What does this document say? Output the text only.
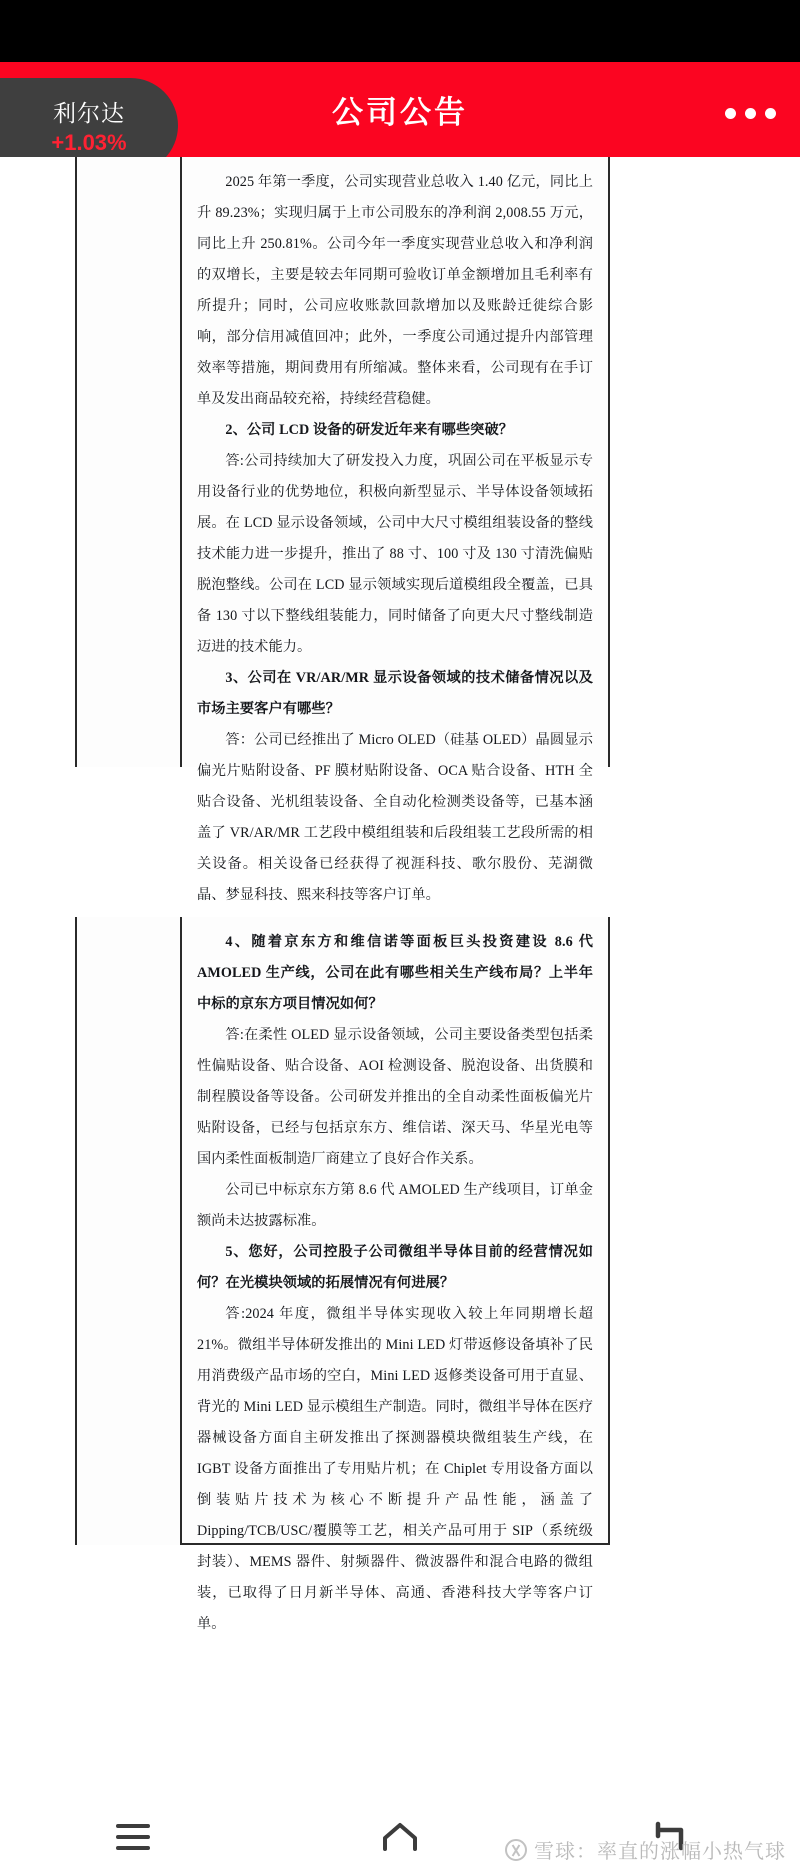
公司公告
利尔达
+1.03%

2025 年第一季度，公司实现营业总收入 1.40 亿元，同比上升 89.23%；实现归属于上市公司股东的净利润 2,008.55 万元，同比上升 250.81%。公司今年一季度实现营业总收入和净利润的双增长，主要是较去年同期可验收订单金额增加且毛利率有所提升；同时，公司应收账款回款增加以及账龄迁徙综合影响，部分信用减值回冲；此外，一季度公司通过提升内部管理效率等措施，期间费用有所缩减。整体来看，公司现有在手订单及发出商品较充裕，持续经营稳健。

2、公司 LCD 设备的研发近年来有哪些突破？

答:公司持续加大了研发投入力度，巩固公司在平板显示专用设备行业的优势地位，积极向新型显示、半导体设备领域拓展。在 LCD 显示设备领域，公司中大尺寸模组组装设备的整线技术能力进一步提升，推出了 88 寸、100 寸及 130 寸清洗偏贴脱泡整线。公司在 LCD 显示领域实现后道模组段全覆盖，已具备 130 寸以下整线组装能力，同时储备了向更大尺寸整线制造迈进的技术能力。

3、公司在 VR/AR/MR 显示设备领域的技术储备情况以及市场主要客户有哪些？

答：公司已经推出了 Micro OLED（硅基 OLED）晶圆显示偏光片贴附设备、PF 膜材贴附设备、OCA 贴合设备、HTH 全贴合设备、光机组装设备、全自动化检测类设备等，已基本涵盖了 VR/AR/MR 工艺段中模组组装和后段组装工艺段所需的相关设备。相关设备已经获得了视涯科技、歌尔股份、芜湖微晶、梦显科技、熙来科技等客户订单。

4、随着京东方和维信诺等面板巨头投资建设 8.6 代 AMOLED 生产线，公司在此有哪些相关生产线布局？上半年中标的京东方项目情况如何？

答:在柔性 OLED 显示设备领域，公司主要设备类型包括柔性偏贴设备、贴合设备、AOI 检测设备、脱泡设备、出货膜和制程膜设备等设备。公司研发并推出的全自动柔性面板偏光片贴附设备，已经与包括京东方、维信诺、深天马、华星光电等国内柔性面板制造厂商建立了良好合作关系。

公司已中标京东方第 8.6 代 AMOLED 生产线项目，订单金额尚未达披露标准。

5、您好，公司控股子公司微组半导体目前的经营情况如何？在光模块领域的拓展情况有何进展？

答:2024 年度，微组半导体实现收入较上年同期增长超 21%。微组半导体研发推出的 Mini LED 灯带返修设备填补了民用消费级产品市场的空白，Mini LED 返修类设备可用于直显、背光的 Mini LED 显示模组生产制造。同时，微组半导体在医疗器械设备方面自主研发推出了探测器模块微组装生产线，在 IGBT 设备方面推出了专用贴片机；在 Chiplet 专用设备方面以倒装贴片技术为核心不断提升产品性能，涵盖了 Dipping/TCB/USC/覆膜等工艺，相关产品可用于 SIP（系统级封装）、MEMS 器件、射频器件、微波器件和混合电路的微组装，已取得了日月新半导体、高通、香港科技大学等客户订单。

雪球：率直的涨幅小热气球
